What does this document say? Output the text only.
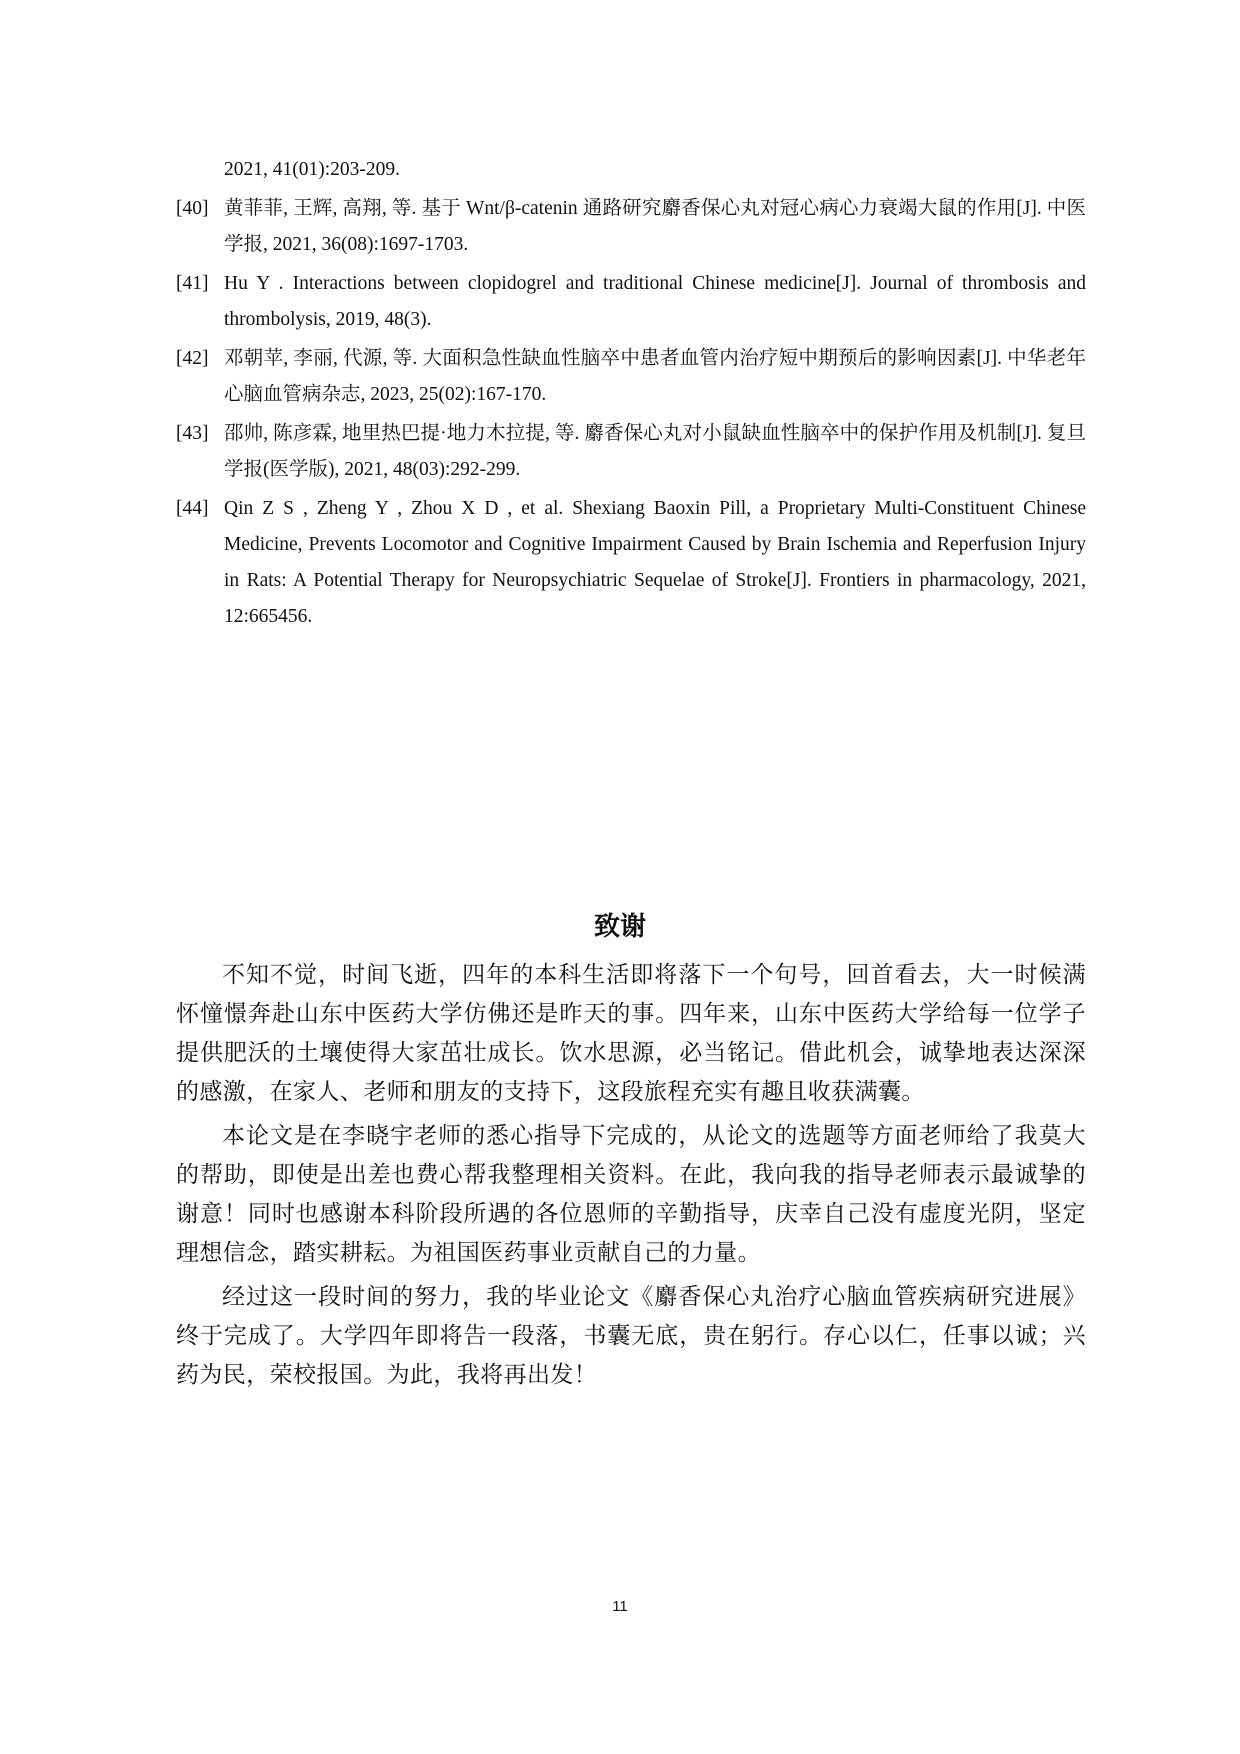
2021, 41(01):203-209.
[40] 黄菲菲, 王辉, 高翔, 等. 基于 Wnt/β-catenin 通路研究麝香保心丸对冠心病心力衰竭大鼠的作用[J]. 中医学报, 2021, 36(08):1697-1703.
[41] Hu Y . Interactions between clopidogrel and traditional Chinese medicine[J]. Journal of thrombosis and thrombolysis, 2019, 48(3).
[42] 邓朝苹, 李丽, 代源, 等. 大面积急性缺血性脑卒中患者血管内治疗短中期预后的影响因素[J]. 中华老年心脑血管病杂志, 2023, 25(02):167-170.
[43] 邵帅, 陈彦霖, 地里热巴提·地力木拉提, 等. 麝香保心丸对小鼠缺血性脑卒中的保护作用及机制[J]. 复旦学报(医学版), 2021, 48(03):292-299.
[44] Qin Z S , Zheng Y , Zhou X D , et al. Shexiang Baoxin Pill, a Proprietary Multi-Constituent Chinese Medicine, Prevents Locomotor and Cognitive Impairment Caused by Brain Ischemia and Reperfusion Injury in Rats: A Potential Therapy for Neuropsychiatric Sequelae of Stroke[J]. Frontiers in pharmacology, 2021, 12:665456.
致谢

不知不觉，时间飞逝，四年的本科生活即将落下一个句号，回首看去，大一时候满怀憧憬奔赴山东中医药大学仿佛还是昨天的事。四年来，山东中医药大学给每一位学子提供肥沃的土壤使得大家茁壮成长。饮水思源，必当铭记。借此机会，诚挚地表达深深的感激，在家人、老师和朋友的支持下，这段旅程充实有趣且收获满囊。

本论文是在李晓宇老师的悉心指导下完成的，从论文的选题等方面老师给了我莫大的帮助，即使是出差也费心帮我整理相关资料。在此，我向我的指导老师表示最诚挚的谢意！同时也感谢本科阶段所遇的各位恩师的辛勤指导，庆幸自己没有虚度光阴，坚定理想信念，踏实耕耘。为祖国医药事业贡献自己的力量。

经过这一段时间的努力，我的毕业论文《麝香保心丸治疗心脑血管疾病研究进展》终于完成了。大学四年即将告一段落，书囊无底，贵在躬行。存心以仁，任事以诚；兴药为民，荣校报国。为此，我将再出发！

11
